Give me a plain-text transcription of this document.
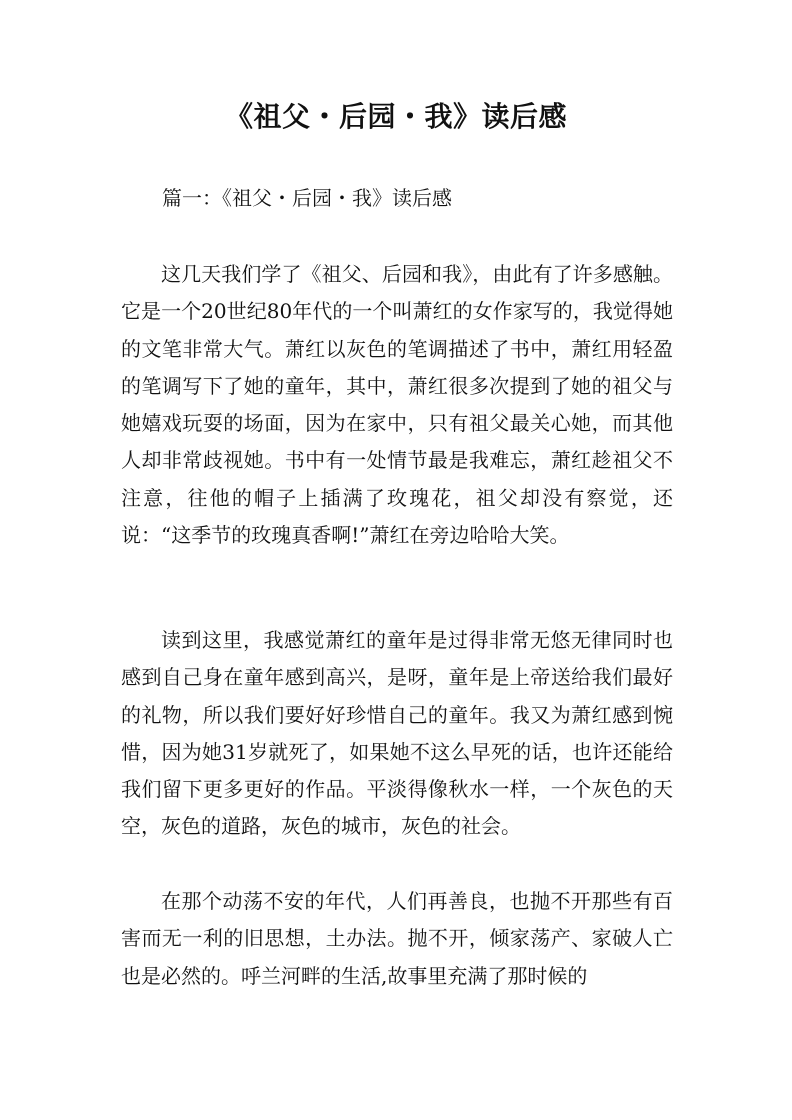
《祖父・后园・我》读后感
篇一：《祖父・后园・我》读后感

这几天我们学了《祖父、后园和我》，由此有了许多感触。它是一个20世纪80年代的一个叫萧红的女作家写的，我觉得她的文笔非常大气。萧红以灰色的笔调描述了书中，萧红用轻盈的笔调写下了她的童年，其中，萧红很多次提到了她的祖父与她嬉戏玩耍的场面，因为在家中，只有祖父最关心她，而其他人却非常歧视她。书中有一处情节最是我难忘，萧红趁祖父不注意，往他的帽子上插满了玫瑰花，祖父却没有察觉，还说：“这季节的玫瑰真香啊!”萧红在旁边哈哈大笑。

读到这里，我感觉萧红的童年是过得非常无悠无律同时也感到自己身在童年感到高兴，是呀，童年是上帝送给我们最好的礼物，所以我们要好好珍惜自己的童年。我又为萧红感到惋惜，因为她31岁就死了，如果她不这么早死的话，也许还能给我们留下更多更好的作品。平淡得像秋水一样，一个灰色的天空，灰色的道路，灰色的城市，灰色的社会。

在那个动荡不安的年代，人们再善良，也抛不开那些有百害而无一利的旧思想，土办法。抛不开，倾家荡产、家破人亡也是必然的。呼兰河畔的生活,故事里充满了那时候的
